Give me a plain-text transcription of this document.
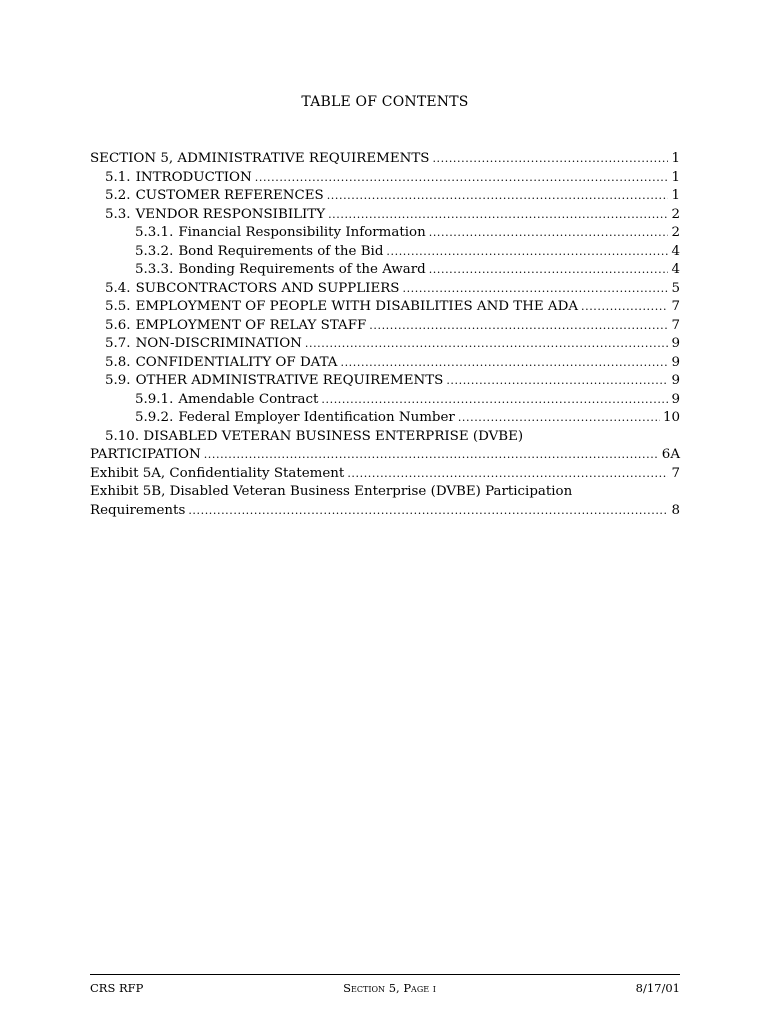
TABLE OF CONTENTS
SECTION 5, ADMINISTRATIVE REQUIREMENTS .....	1
5.1. INTRODUCTION .....	1
5.2. CUSTOMER REFERENCES .....	1
5.3. VENDOR RESPONSIBILITY .....	2
5.3.1. Financial Responsibility Information .....	2
5.3.2. Bond Requirements of the Bid .....	4
5.3.3. Bonding Requirements of the Award .....	4
5.4. SUBCONTRACTORS AND SUPPLIERS .....	5
5.5. EMPLOYMENT OF PEOPLE WITH DISABILITIES AND THE ADA .....	7
5.6. EMPLOYMENT OF RELAY STAFF .....	7
5.7. NON-DISCRIMINATION .....	9
5.8. CONFIDENTIALITY OF DATA .....	9
5.9. OTHER ADMINISTRATIVE REQUIREMENTS .....	9
5.9.1. Amendable Contract .....	9
5.9.2. Federal Employer Identification Number .....	10
5.10. DISABLED VETERAN BUSINESS ENTERPRISE (DVBE)
PARTICIPATION .....	6A
Exhibit 5A, Confidentiality Statement .....	7
Exhibit 5B, Disabled Veteran Business Enterprise (DVBE) Participation
Requirements .....	8
CRS RFP	Section 5, Page i	8/17/01
